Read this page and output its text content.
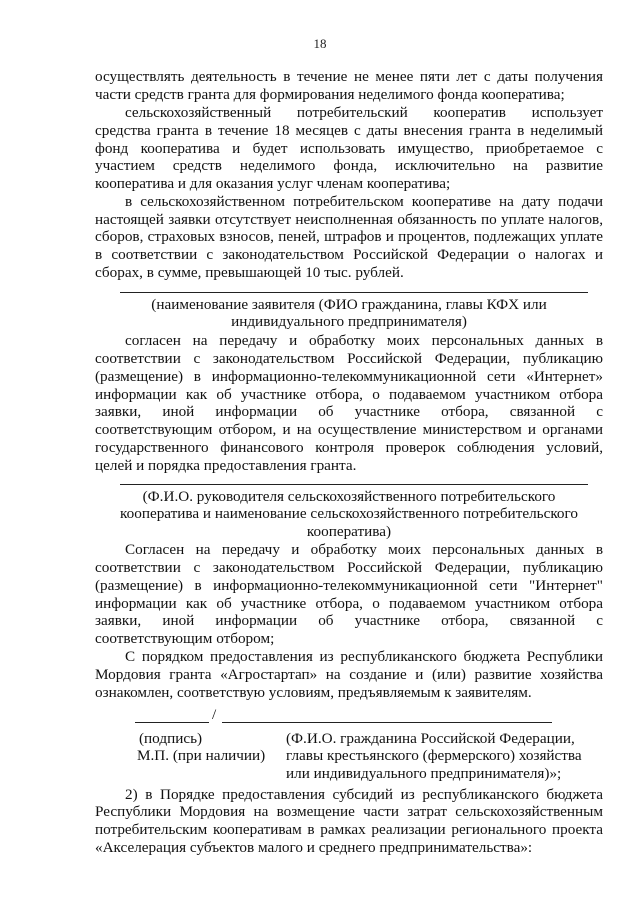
18
осуществлять деятельность в течение не менее пяти лет с даты получения
части средств гранта для формирования неделимого фонда кооператива;
сельскохозяйственный потребительский кооператив использует
средства гранта в течение 18 месяцев с даты внесения гранта в неделимый
фонд кооператива и будет использовать имущество, приобретаемое с
участием средств неделимого фонда, исключительно на развитие
кооператива и для оказания услуг членам кооператива;
в сельскохозяйственном потребительском кооперативе на дату подачи
настоящей заявки отсутствует неисполненная обязанность по уплате налогов,
сборов, страховых взносов, пеней, штрафов и процентов, подлежащих уплате
в соответствии с законодательством Российской Федерации о налогах и
сборах, в сумме, превышающей 10 тыс. рублей.
(наименование заявителя (ФИО гражданина, главы КФХ или
индивидуального предпринимателя)
согласен на передачу и обработку моих персональных данных в
соответствии с законодательством Российской Федерации, публикацию
(размещение) в информационно-телекоммуникационной сети «Интернет»
информации как об участнике отбора, о подаваемом участником отбора
заявки, иной информации об участнике отбора, связанной с
соответствующим отбором, и на осуществление министерством и органами
государственного финансового контроля проверок соблюдения условий,
целей и порядка предоставления гранта.
(Ф.И.О. руководителя сельскохозяйственного потребительского
кооператива и наименование сельскохозяйственного потребительского
кооператива)
Согласен на передачу и обработку моих персональных данных в
соответствии с законодательством Российской Федерации, публикацию
(размещение) в информационно-телекоммуникационной сети "Интернет"
информации как об участнике отбора, о подаваемом участником отбора
заявки, иной информации об участнике отбора, связанной с
соответствующим отбором;
С порядком предоставления из республиканского бюджета Республики
Мордовия гранта «Агростартап» на создание и (или) развитие хозяйства
ознакомлен, соответствую условиям, предъявляемым к заявителям.
/
(подпись)
М.П. (при наличии)
(Ф.И.О. гражданина Российской Федерации,
главы крестьянского (фермерского) хозяйства
или индивидуального предпринимателя)»;
2) в Порядке предоставления субсидий из республиканского бюджета
Республики Мордовия на возмещение части затрат сельскохозяйственным
потребительским кооперативам в рамках реализации регионального проекта
«Акселерация субъектов малого и среднего предпринимательства»:
